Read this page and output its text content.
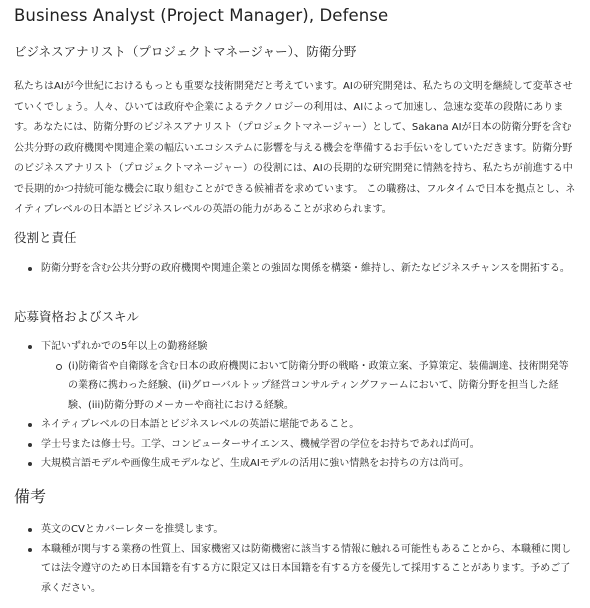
Business Analyst (Project Manager), Defense
ビジネスアナリスト（プロジェクトマネージャー）、防衛分野

私たちはAIが今世紀におけるもっとも重要な技術開発だと考えています。AIの研究開発は、私たちの文明を継続して変革させていくでしょう。人々、ひいては政府や企業によるテクノロジーの利用は、AIによって加速し、急速な変革の段階にあります。あなたには、防衛分野のビジネスアナリスト（プロジェクトマネージャー）として、Sakana AIが日本の防衛分野を含む公共分野の政府機関や関連企業の幅広いエコシステムに影響を与える機会を準備するお手伝いをしていただきます。防衛分野のビジネスアナリスト（プロジェクトマネージャー）の役割には、AIの長期的な研究開発に情熱を持ち、私たちが前進する中で長期的かつ持続可能な機会に取り組むことができる候補者を求めています。 この職務は、フルタイムで日本を拠点とし、ネイティブレベルの日本語とビジネスレベルの英語の能力があることが求められます。

役割と責任
防衛分野を含む公共分野の政府機関や関連企業との強固な関係を構築・維持し、新たなビジネスチャンスを開拓する。
応募資格およびスキル
下記いずれかでの5年以上の勤務経験
(i)防衛省や自衛隊を含む日本の政府機関において防衛分野の戦略・政策立案、予算策定、装備調達、技術開発等の業務に携わった経験、(ii)グローバルトップ経営コンサルティングファームにおいて、防衛分野を担当した経験、(iii)防衛分野のメーカーや商社における経験。
ネイティブレベルの日本語とビジネスレベルの英語に堪能であること。
学士号または修士号。工学、コンピューターサイエンス、機械学習の学位をお持ちであれば尚可。
大規模言語モデルや画像生成モデルなど、生成AIモデルの活用に強い情熱をお持ちの方は尚可。
備考
英文のCVとカバーレターを推奨します。
本職種が関与する業務の性質上、国家機密又は防衛機密に該当する情報に触れる可能性もあることから、本職種に関しては法令遵守のため日本国籍を有する方に限定又は日本国籍を有する方を優先して採用することがあります。予めご了承ください。
